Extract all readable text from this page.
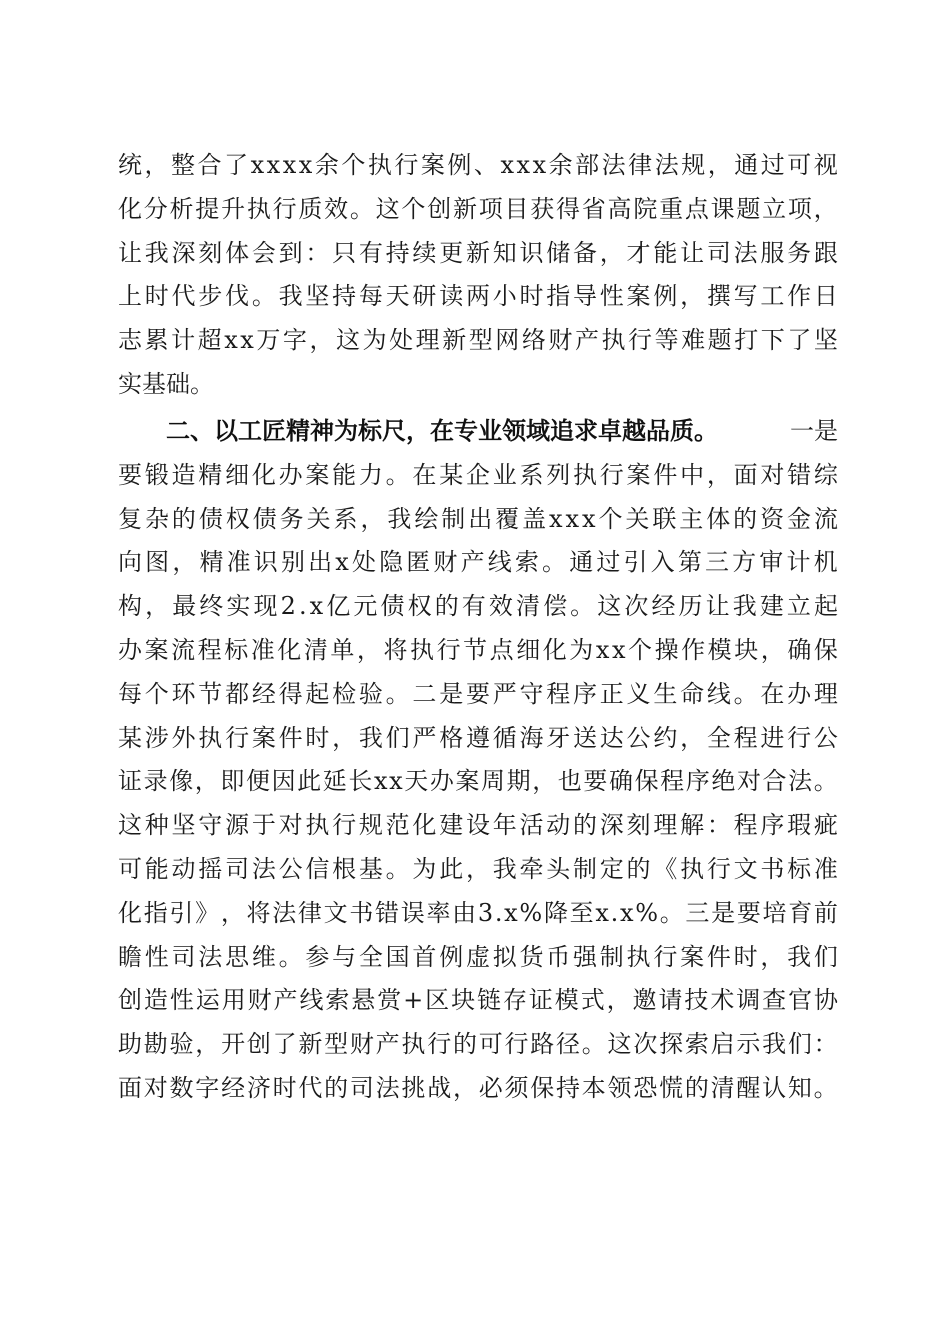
统 ， 整 合 了 x x x x 余 个 执 行 案 例 、 x x x 余 部 法 律 法 规 ， 通 过 可 视
化 分 析 提 升 执 行 质 效 。 这 个 创 新 项 目 获 得 省 高 院 重 点 课 题 立 项 ，
让 我 深 刻 体 会 到 ： 只 有 持 续 更 新 知 识 储 备 ， 才 能 让 司 法 服 务 跟
上 时 代 步 伐 。 我 坚 持 每 天 研 读 两 小 时 指 导 性 案 例 ， 撰 写 工 作 日
志 累 计 超 x x 万 字 ， 这 为 处 理 新 型 网 络 财 产 执 行 等 难 题 打 下 了 坚
实基础。
二、以工匠精神为标尺，在专业领域追求卓越品质。	一是
要 锻 造 精 细 化 办 案 能 力 。 在 某 企 业 系 列 执 行 案 件 中 ， 面 对 错 综
复 杂 的 债 权 债 务 关 系 ， 我 绘 制 出 覆 盖 x x x 个 关 联 主 体 的 资 金 流
向 图 ， 精 准 识 别 出 x 处 隐 匿 财 产 线 索 。 通 过 引 入 第 三 方 审 计 机
构 ， 最 终 实 现 2 . x 亿 元 债 权 的 有 效 清 偿 。 这 次 经 历 让 我 建 立 起
办 案 流 程 标 准 化 清 单 ， 将 执 行 节 点 细 化 为 x x 个 操 作 模 块 ， 确 保
每 个 环 节 都 经 得 起 检 验 。 二 是 要 严 守 程 序 正 义 生 命 线 。 在 办 理
某 涉 外 执 行 案 件 时 ， 我 们 严 格 遵 循 海 牙 送 达 公 约 ， 全 程 进 行 公
证 录 像 ， 即 便 因 此 延 长 x x 天 办 案 周 期 ， 也 要 确 保 程 序 绝 对 合 法 。
这 种 坚 守 源 于 对 执 行 规 范 化 建 设 年 活 动 的 深 刻 理 解 ： 程 序 瑕 疵
可 能 动 摇 司 法 公 信 根 基 。 为 此 ， 我 牵 头 制 定 的 《 执 行 文 书 标 准
化 指 引 》 ， 将 法 律 文 书 错 误 率 由 3 . x % 降 至 x . x % 。 三 是 要 培 育 前
瞻 性 司 法 思 维 。 参 与 全 国 首 例 虚 拟 货 币 强 制 执 行 案 件 时 ， 我 们
创 造 性 运 用 财 产 线 索 悬 赏 + 区 块 链 存 证 模 式 ， 邀 请 技 术 调 查 官 协
助 勘 验 ， 开 创 了 新 型 财 产 执 行 的 可 行 路 径 。 这 次 探 索 启 示 我 们 ：
面 对 数 字 经 济 时 代 的 司 法 挑 战 ， 必 须 保 持 本 领 恐 慌 的 清 醒 认 知 。
